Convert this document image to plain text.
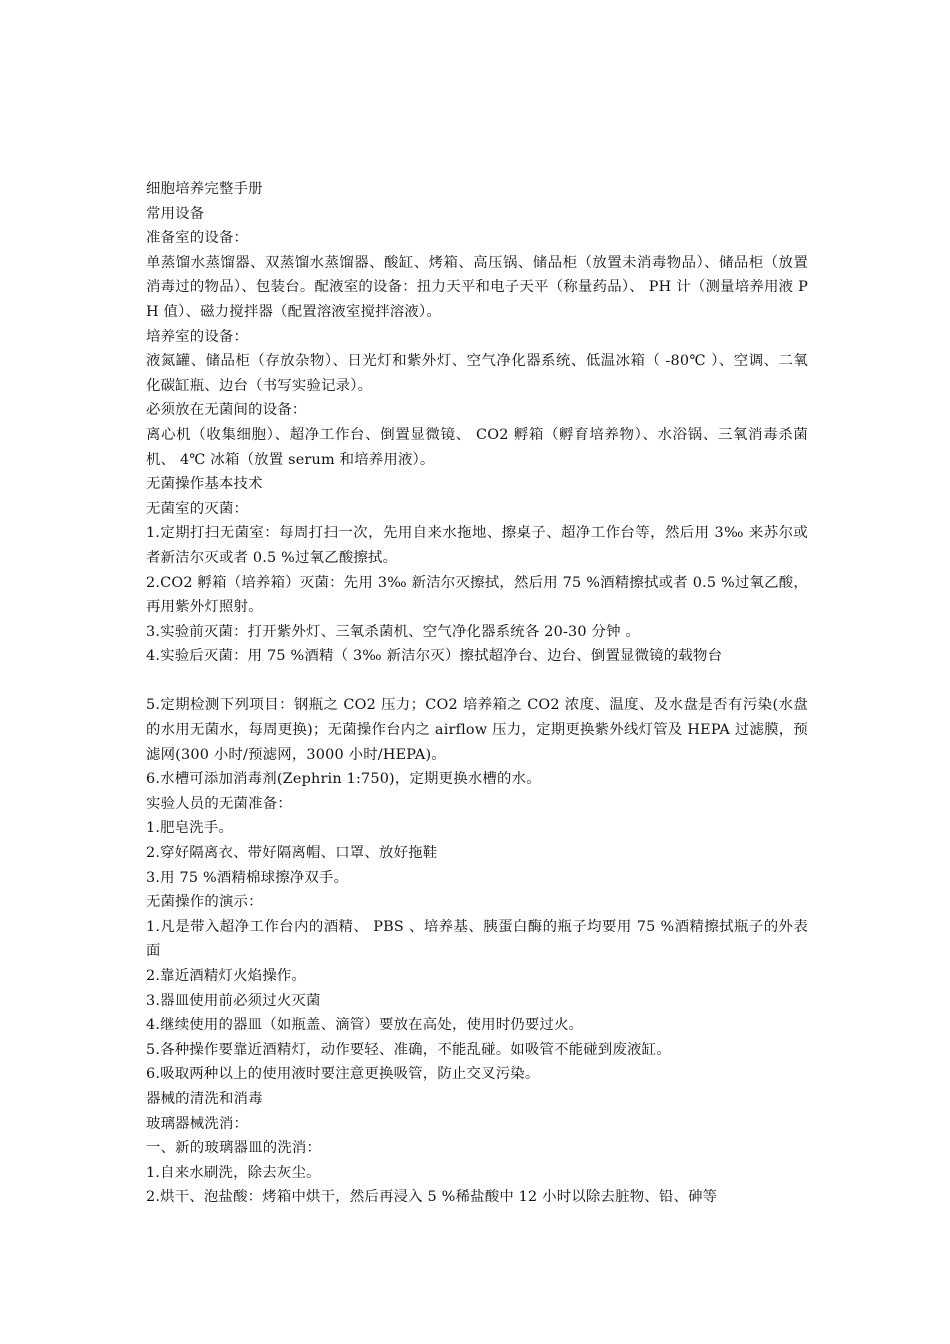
细胞培养完整手册

常用设备

准备室的设备：

单蒸馏水蒸馏器、双蒸馏水蒸馏器、酸缸、烤箱、高压锅、储品柜（放置未消毒物品）、储品柜（放置消毒过的物品）、包装台。配液室的设备：扭力天平和电子天平（称量药品）、 PH 计（测量培养用液 PH 值）、磁力搅拌器（配置溶液室搅拌溶液）。

培养室的设备：

液氮罐、储品柜（存放杂物）、日光灯和紫外灯、空气净化器系统、低温冰箱（ -80℃ ）、空调、二氧化碳缸瓶、边台（书写实验记录）。

必须放在无菌间的设备：

离心机（收集细胞）、超净工作台、倒置显微镜、 CO2 孵箱（孵育培养物）、水浴锅、三氧消毒杀菌机、 4℃ 冰箱（放置 serum 和培养用液）。

无菌操作基本技术

无菌室的灭菌：

1.定期打扫无菌室：每周打扫一次，先用自来水拖地、擦桌子、超净工作台等，然后用 3‰ 来苏尔或者新洁尔灭或者 0.5 %过氧乙酸擦拭。

2.CO2 孵箱（培养箱）灭菌：先用 3‰ 新洁尔灭擦拭，然后用 75 %酒精擦拭或者 0.5 %过氧乙酸，再用紫外灯照射。

3.实验前灭菌：打开紫外灯、三氧杀菌机、空气净化器系统各 20-30 分钟 。

4.实验后灭菌：用 75 %酒精（ 3‰ 新洁尔灭）擦拭超净台、边台、倒置显微镜的载物台

5.定期检测下列项目：钢瓶之 CO2 压力；CO2 培养箱之 CO2 浓度、温度、及水盘是否有污染(水盘的水用无菌水，每周更换)；无菌操作台内之 airflow 压力，定期更换紫外线灯管及 HEPA 过滤膜，预滤网(300 小时/预滤网，3000 小时/HEPA)。

6.水槽可添加消毒剂(Zephrin 1:750)，定期更换水槽的水。

实验人员的无菌准备：

1.肥皂洗手。

2.穿好隔离衣、带好隔离帽、口罩、放好拖鞋

3.用 75 %酒精棉球擦净双手。

无菌操作的演示：

1.凡是带入超净工作台内的酒精、 PBS 、培养基、胰蛋白酶的瓶子均要用 75 %酒精擦拭瓶子的外表面

2.靠近酒精灯火焰操作。

3.器皿使用前必须过火灭菌

4.继续使用的器皿（如瓶盖、滴管）要放在高处，使用时仍要过火。

5.各种操作要靠近酒精灯，动作要轻、准确，不能乱碰。如吸管不能碰到废液缸。

6.吸取两种以上的使用液时要注意更换吸管，防止交叉污染。

器械的清洗和消毒

玻璃器械洗消：

一、新的玻璃器皿的洗消：

1.自来水刷洗，除去灰尘。

2.烘干、泡盐酸：烤箱中烘干，然后再浸入 5 %稀盐酸中 12 小时以除去脏物、铅、砷等
